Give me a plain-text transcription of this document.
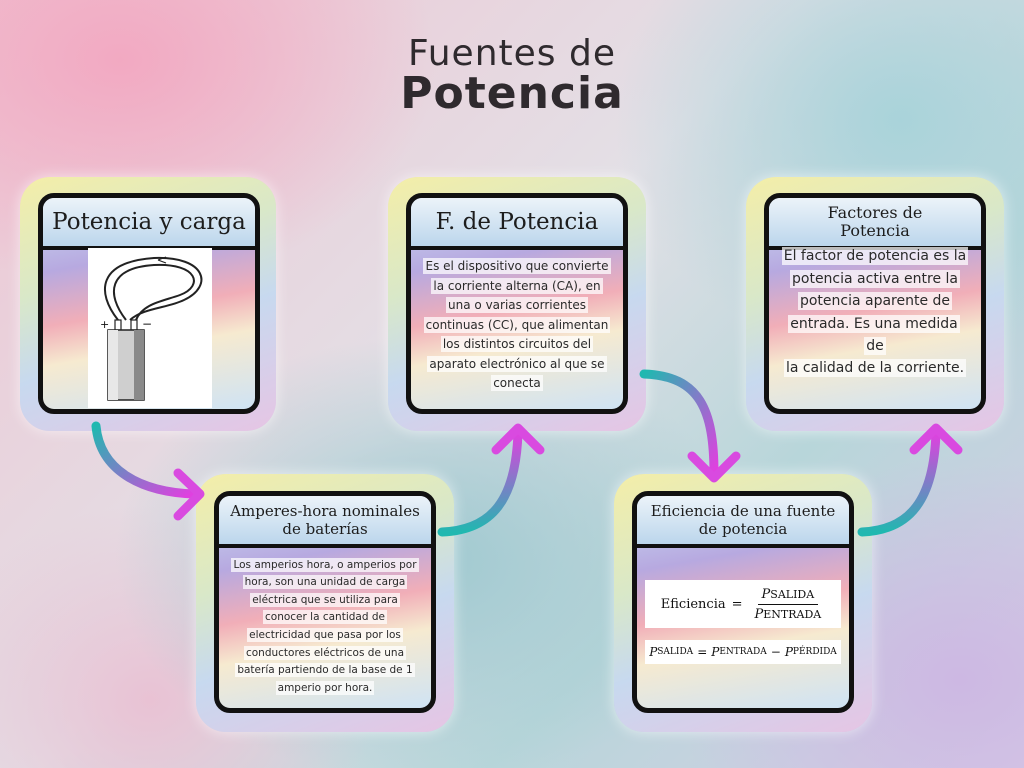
Fuentes de
Potencia
Potencia y carga
+	−
F. de Potencia

Es el dispositivo que convierte
la corriente alterna (CA), en
una o varias corrientes
continuas (CC), que alimentan
los distintos circuitos del
aparato electrónico al que se
conecta

Factores de
Potencia

El factor de potencia es la
potencia activa entre la
potencia aparente de
entrada. Es una medida de
la calidad de la corriente.

Amperes-hora nominales
de baterías

Los amperios hora, o amperios por
hora, son una unidad de carga
eléctrica que se utiliza para
conocer la cantidad de
electricidad que pasa por los
conductores eléctricos de una
batería partiendo de la base de 1
amperio por hora.

Eficiencia de una fuente
de potencia
Eficiencia = $\frac{\text{PSALIDA}}{\text{PENTRADA}}$
P SALIDA = P ENTRADA − P PÉRDIDA
